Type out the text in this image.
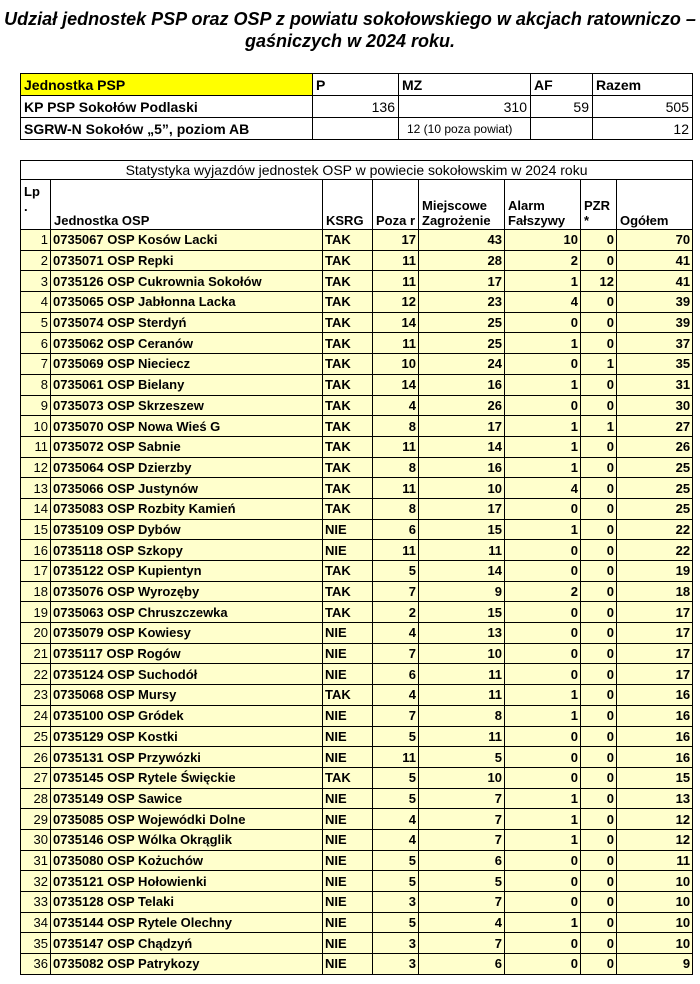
Udział jednostek PSP oraz OSP z powiatu sokołowskiego w akcjach ratowniczo – gaśniczych w 2024 roku.
Jednostka PSP	P	MZ	AF	Razem
KP PSP Sokołów Podlaski	136	310	59	505
SGRW-N Sokołów „5”, poziom AB		12 (10 poza powiat)		12
Statystyka wyjazdów jednostek OSP w powiecie sokołowskim w 2024 roku							
Lp .	Jednostka OSP	KSRG	Poza r	Miejscowe Zagrożenie	Alarm Fałszywy	PZR *	Ogółem
1	0735067 OSP Kosów Lacki	TAK	17	43	10	0	70
2	0735071 OSP Repki	TAK	11	28	2	0	41
3	0735126 OSP Cukrownia Sokołów	TAK	11	17	1	12	41
4	0735065 OSP Jabłonna Lacka	TAK	12	23	4	0	39
5	0735074 OSP Sterdyń	TAK	14	25	0	0	39
6	0735062 OSP Ceranów	TAK	11	25	1	0	37
7	0735069 OSP Nieciecz	TAK	10	24	0	1	35
8	0735061 OSP Bielany	TAK	14	16	1	0	31
9	0735073 OSP Skrzeszew	TAK	4	26	0	0	30
10	0735070 OSP Nowa Wieś G	TAK	8	17	1	1	27
11	0735072 OSP Sabnie	TAK	11	14	1	0	26
12	0735064 OSP Dzierzby	TAK	8	16	1	0	25
13	0735066 OSP Justynów	TAK	11	10	4	0	25
14	0735083 OSP Rozbity Kamień	TAK	8	17	0	0	25
15	0735109 OSP Dybów	NIE	6	15	1	0	22
16	0735118 OSP Szkopy	NIE	11	11	0	0	22
17	0735122 OSP Kupientyn	TAK	5	14	0	0	19
18	0735076 OSP Wyrozęby	TAK	7	9	2	0	18
19	0735063 OSP Chruszczewka	TAK	2	15	0	0	17
20	0735079 OSP Kowiesy	NIE	4	13	0	0	17
21	0735117 OSP Rogów	NIE	7	10	0	0	17
22	0735124 OSP Suchodół	NIE	6	11	0	0	17
23	0735068 OSP Mursy	TAK	4	11	1	0	16
24	0735100 OSP Gródek	NIE	7	8	1	0	16
25	0735129 OSP Kostki	NIE	5	11	0	0	16
26	0735131 OSP Przywózki	NIE	11	5	0	0	16
27	0735145 OSP Rytele Święckie	TAK	5	10	0	0	15
28	0735149 OSP Sawice	NIE	5	7	1	0	13
29	0735085 OSP Wojewódki Dolne	NIE	4	7	1	0	12
30	0735146 OSP Wólka Okrąglik	NIE	4	7	1	0	12
31	0735080 OSP Kożuchów	NIE	5	6	0	0	11
32	0735121 OSP Hołowienki	NIE	5	5	0	0	10
33	0735128 OSP Telaki	NIE	3	7	0	0	10
34	0735144 OSP Rytele Olechny	NIE	5	4	1	0	10
35	0735147 OSP Chądzyń	NIE	3	7	0	0	10
36	0735082 OSP Patrykozy	NIE	3	6	0	0	9
